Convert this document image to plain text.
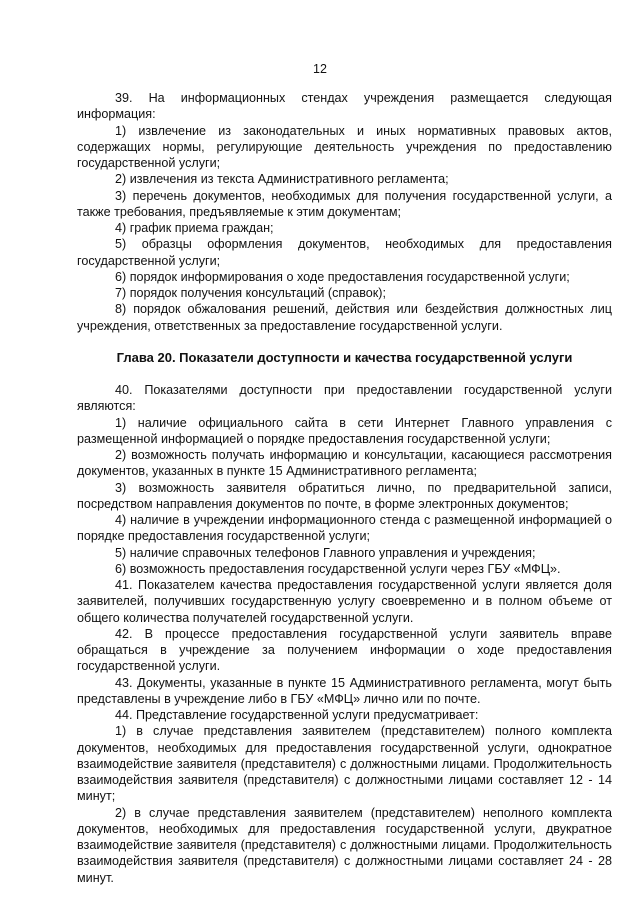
12

39. На информационных стендах учреждения размещается следующая информация:

1) извлечение из законодательных и иных нормативных правовых актов, содержащих нормы, регулирующие деятельность учреждения по предоставлению государственной услуги;

2) извлечения из текста Административного регламента;

3) перечень документов, необходимых для получения государственной услуги, а также требования, предъявляемые к этим документам;

4) график приема граждан;

5) образцы оформления документов, необходимых для предоставления государственной услуги;

6) порядок информирования о ходе предоставления государственной услуги;

7) порядок получения консультаций (справок);

8) порядок обжалования решений, действия или бездействия должностных лиц учреждения, ответственных за предоставление государственной услуги.

Глава 20. Показатели доступности и качества государственной услуги

40. Показателями доступности при предоставлении государственной услуги являются:

1) наличие официального сайта в сети Интернет Главного управления с размещенной информацией о порядке предоставления государственной услуги;

2) возможность получать информацию и консультации, касающиеся рассмотрения документов, указанных в пункте 15 Административного регламента;

3) возможность заявителя обратиться лично, по предварительной записи, посредством направления документов по почте, в форме электронных документов;

4) наличие в учреждении информационного стенда с размещенной информацией о порядке предоставления государственной услуги;

5) наличие справочных телефонов Главного управления и учреждения;

6) возможность предоставления государственной услуги через ГБУ «МФЦ».

41. Показателем качества предоставления государственной услуги является доля заявителей, получивших государственную услугу своевременно и в полном объеме от общего количества получателей государственной услуги.

42. В процессе предоставления государственной услуги заявитель вправе обращаться в учреждение за получением информации о ходе предоставления государственной услуги.

43. Документы, указанные в пункте 15 Административного регламента, могут быть представлены в учреждение либо в ГБУ «МФЦ» лично или по почте.

44. Представление государственной услуги предусматривает:

1) в случае представления заявителем (представителем) полного комплекта документов, необходимых для предоставления государственной услуги, однократное взаимодействие заявителя (представителя) с должностными лицами. Продолжительность взаимодействия заявителя (представителя) с должностными лицами составляет 12 - 14 минут;

2) в случае представления заявителем (представителем) неполного комплекта документов, необходимых для предоставления государственной услуги, двукратное взаимодействие заявителя (представителя) с должностными лицами. Продолжительность взаимодействия заявителя (представителя) с должностными лицами составляет 24 - 28 минут.
